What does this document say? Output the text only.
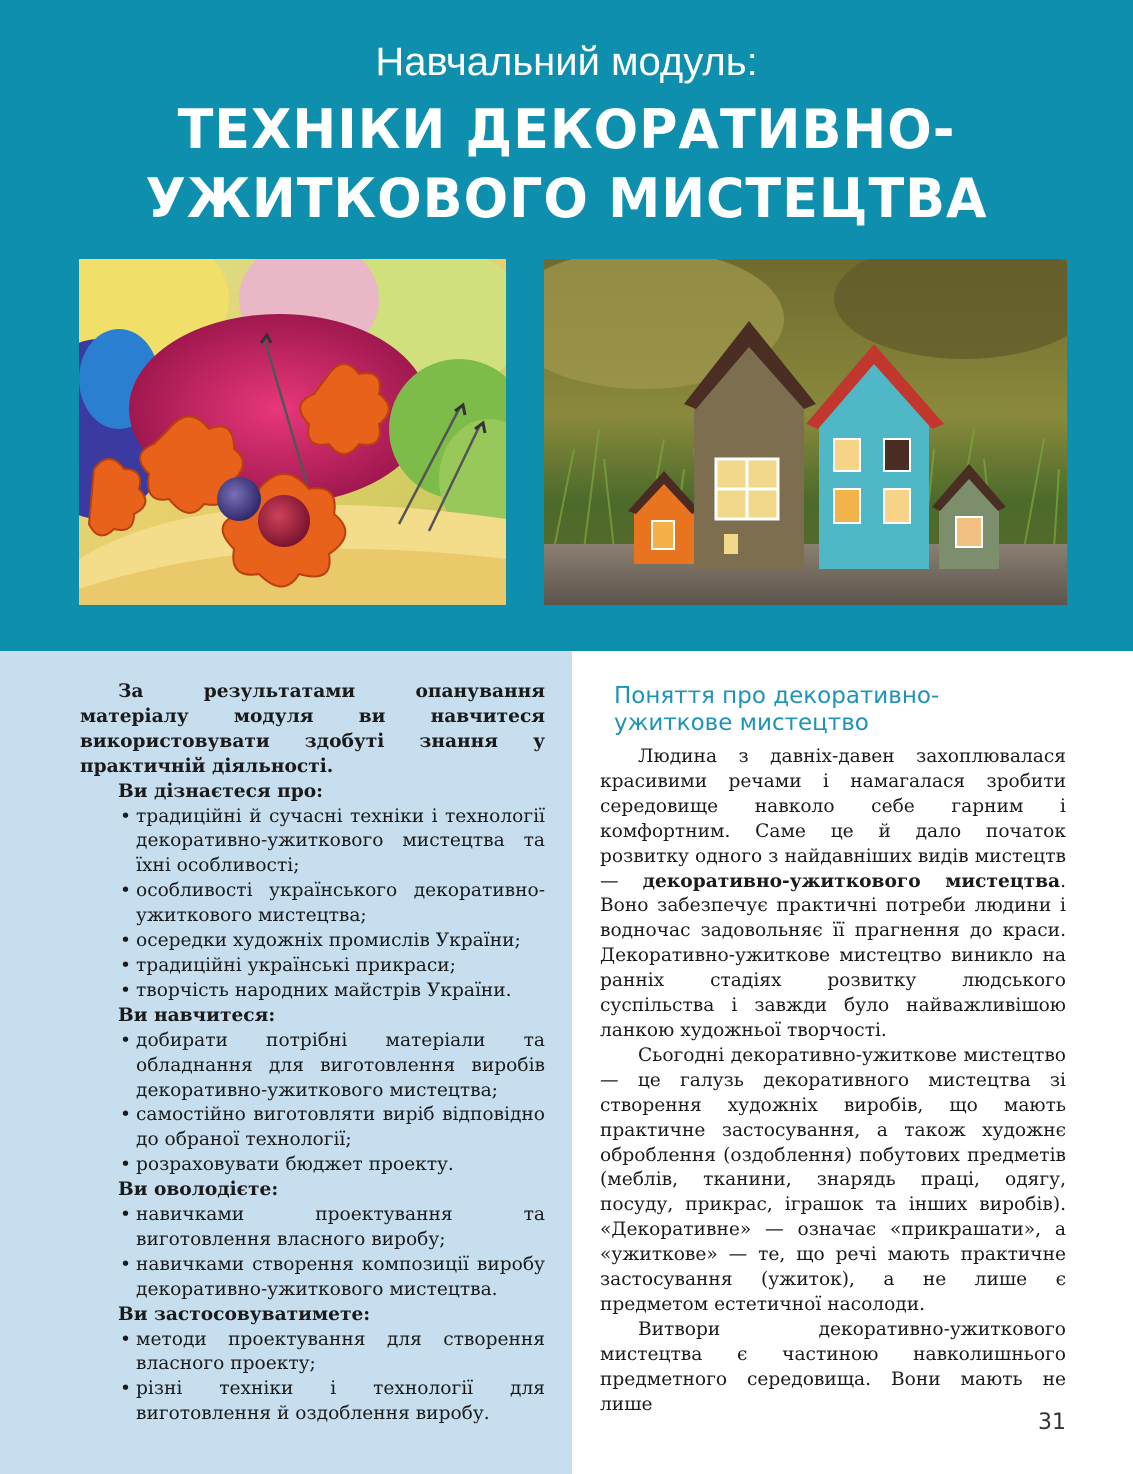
Навчальний модуль:
ТЕХНІКИ ДЕКОРАТИВНО-
УЖИТКОВОГО МИСТЕЦТВА

За результатами опанування матеріалу модуля ви навчитеся використовувати здобуті знання у практичній діяльності.

Ви дізнаєтеся про:

• традиційні й сучасні техніки і технології декоративно-ужиткового мистецтва та їхні особливості;
• особливості українського декоративно-ужиткового мистецтва;
• осередки художніх промислів України;
• традиційні українські прикраси;
• творчість народних майстрів України.

Ви навчитеся:

• добирати потрібні матеріали та обладнання для виготовлення виробів декоративно-ужиткового мистецтва;
• самостійно виготовляти виріб відповідно до обраної технології;
• розраховувати бюджет проекту.

Ви оволодієте:

• навичками проектування та виготовлення власного виробу;
• навичками створення композиції виробу декоративно-ужиткового мистецтва.

Ви застосовуватимете:

• методи проектування для створення власного проекту;
• різні техніки і технології для виготовлення й оздоблення виробу.
Поняття про декоративно-
ужиткове мистецтво

Людина з давніх-давен захоплювалася красивими речами і намагалася зробити середовище навколо себе гарним і комфортним. Саме це й дало початок розвитку одного з найдавніших видів мистецтв — декоративно-ужиткового мистецтва. Воно забезпечує практичні потреби людини і водночас задовольняє її прагнення до краси. Декоративно-ужиткове мистецтво виникло на ранніх стадіях розвитку людського суспільства і завжди було найважливішою ланкою художньої творчості.

Сьогодні декоративно-ужиткове мистецтво — це галузь декоративного мистецтва зі створення художніх виробів, що мають практичне застосування, а також художнє оброблення (оздоблення) побутових предметів (меблів, тканини, знарядь праці, одягу, посуду, прикрас, іграшок та інших виробів). «Декоративне» — означає «прикрашати», а «ужиткове» — те, що речі мають практичне застосування (ужиток), а не лише є предметом естетичної насолоди.

Витвори декоративно-ужиткового мистецтва є частиною навколишнього предметного середовища. Вони мають не лише

31
